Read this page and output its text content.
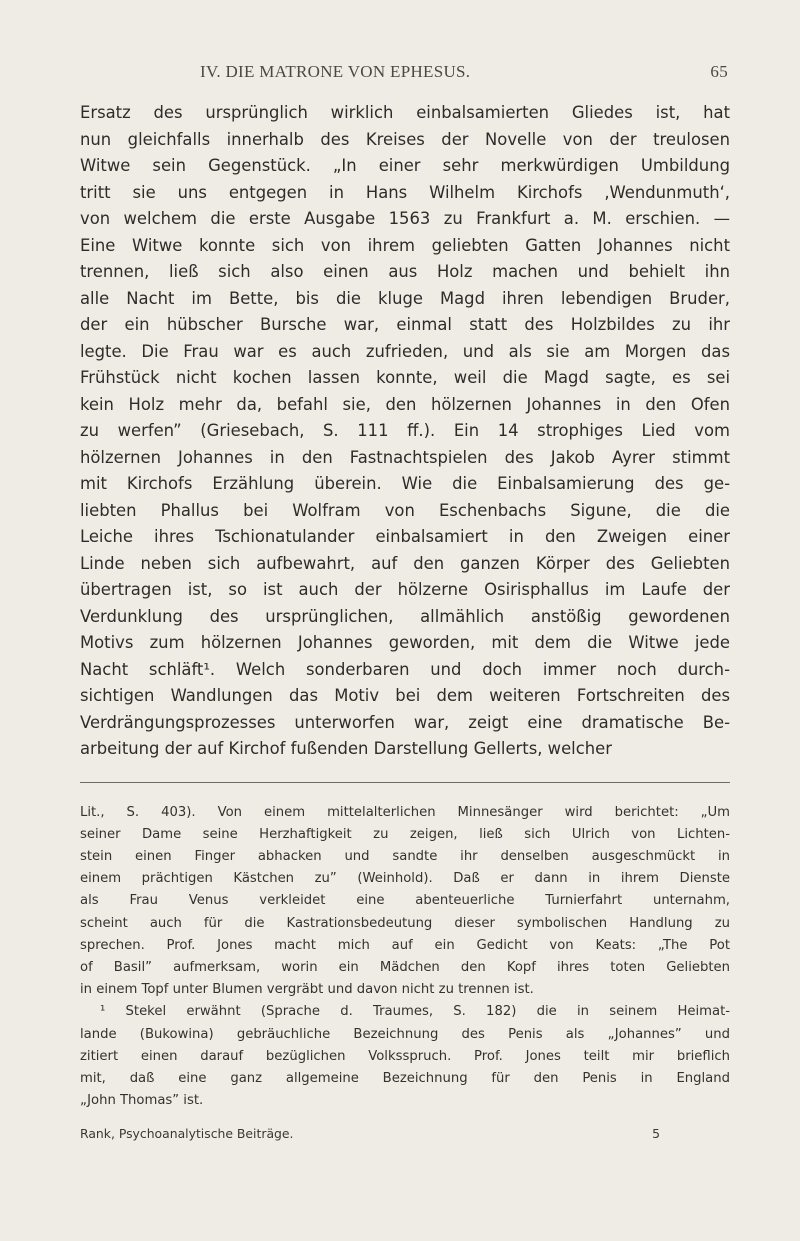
IV. DIE MATRONE VON EPHESUS.	65
Ersatz des ursprünglich wirklich einbalsamierten Gliedes ist, hat
nun gleichfalls innerhalb des Kreises der Novelle von der treulosen
Witwe sein Gegenstück. „In einer sehr merkwürdigen Umbildung
tritt sie uns entgegen in Hans Wilhelm Kirchofs ‚Wendunmuth‘,
von welchem die erste Ausgabe 1563 zu Frankfurt a. M. erschien. —
Eine Witwe konnte sich von ihrem geliebten Gatten Johannes nicht
trennen, ließ sich also einen aus Holz machen und behielt ihn
alle Nacht im Bette, bis die kluge Magd ihren lebendigen Bruder,
der ein hübscher Bursche war, einmal statt des Holzbildes zu ihr
legte. Die Frau war es auch zufrieden, und als sie am Morgen das
Frühstück nicht kochen lassen konnte, weil die Magd sagte, es sei
kein Holz mehr da, befahl sie, den hölzernen Johannes in den Ofen
zu werfen” (Griesebach, S. 111 ff.). Ein 14 strophiges Lied vom
hölzernen Johannes in den Fastnachtspielen des Jakob Ayrer stimmt
mit Kirchofs Erzählung überein. Wie die Einbalsamierung des ge-
liebten Phallus bei Wolfram von Eschenbachs Sigune, die die
Leiche ihres Tschionatulander einbalsamiert in den Zweigen einer
Linde neben sich aufbewahrt, auf den ganzen Körper des Geliebten
übertragen ist, so ist auch der hölzerne Osirisphallus im Laufe der
Verdunklung des ursprünglichen, allmählich anstößig gewordenen
Motivs zum hölzernen Johannes geworden, mit dem die Witwe jede
Nacht schläft¹. Welch sonderbaren und doch immer noch durch-
sichtigen Wandlungen das Motiv bei dem weiteren Fortschreiten des
Verdrängungsprozesses unterworfen war, zeigt eine dramatische Be-
arbeitung der auf Kirchof fußenden Darstellung Gellerts, welcher
Lit., S. 403). Von einem mittelalterlichen Minnesänger wird berichtet: „Um
seiner Dame seine Herzhaftigkeit zu zeigen, ließ sich Ulrich von Lichten-
stein einen Finger abhacken und sandte ihr denselben ausgeschmückt in
einem prächtigen Kästchen zu” (Weinhold). Daß er dann in ihrem Dienste
als Frau Venus verkleidet eine abenteuerliche Turnierfahrt unternahm,
scheint auch für die Kastrationsbedeutung dieser symbolischen Handlung zu
sprechen. Prof. Jones macht mich auf ein Gedicht von Keats: „The Pot
of Basil” aufmerksam, worin ein Mädchen den Kopf ihres toten Geliebten
in einem Topf unter Blumen vergräbt und davon nicht zu trennen ist.
¹ Stekel erwähnt (Sprache d. Traumes, S. 182) die in seinem Heimat-
lande (Bukowina) gebräuchliche Bezeichnung des Penis als „Johannes” und
zitiert einen darauf bezüglichen Volksspruch. Prof. Jones teilt mir brieflich
mit, daß eine ganz allgemeine Bezeichnung für den Penis in England
„John Thomas” ist.
Rank, Psychoanalytische Beiträge.	5
